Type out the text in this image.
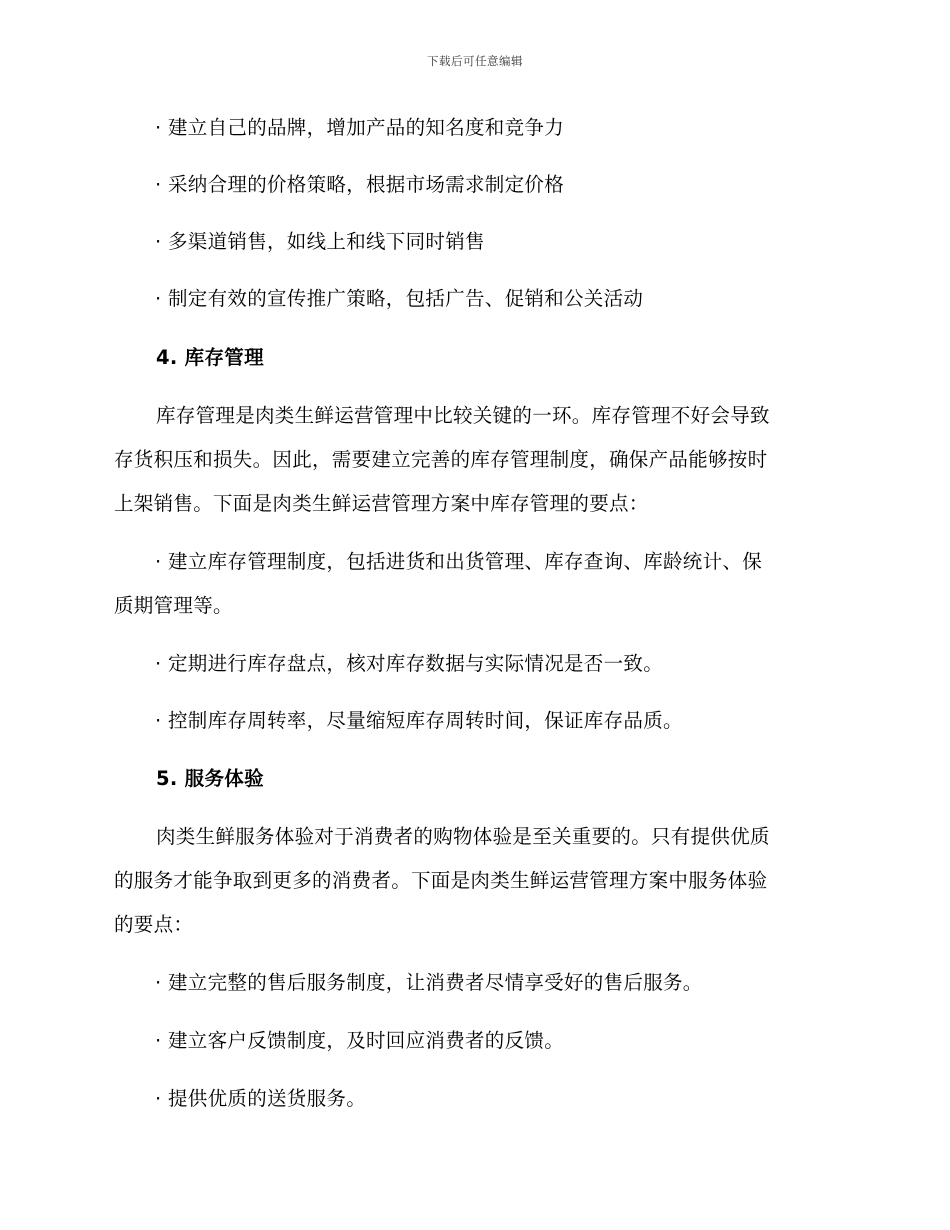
下载后可任意编辑
· 建立自己的品牌，增加产品的知名度和竞争力
· 采纳合理的价格策略，根据市场需求制定价格
· 多渠道销售，如线上和线下同时销售
· 制定有效的宣传推广策略，包括广告、促销和公关活动
4. 库存管理
库存管理是肉类生鲜运营管理中比较关键的一环。库存管理不好会导致
存货积压和损失。因此，需要建立完善的库存管理制度，确保产品能够按时
上架销售。下面是肉类生鲜运营管理方案中库存管理的要点：
· 建立库存管理制度，包括进货和出货管理、库存查询、库龄统计、保
质期管理等。
· 定期进行库存盘点，核对库存数据与实际情况是否一致。
· 控制库存周转率，尽量缩短库存周转时间，保证库存品质。
5. 服务体验
肉类生鲜服务体验对于消费者的购物体验是至关重要的。只有提供优质
的服务才能争取到更多的消费者。下面是肉类生鲜运营管理方案中服务体验
的要点：
· 建立完整的售后服务制度，让消费者尽情享受好的售后服务。
· 建立客户反馈制度，及时回应消费者的反馈。
· 提供优质的送货服务。
